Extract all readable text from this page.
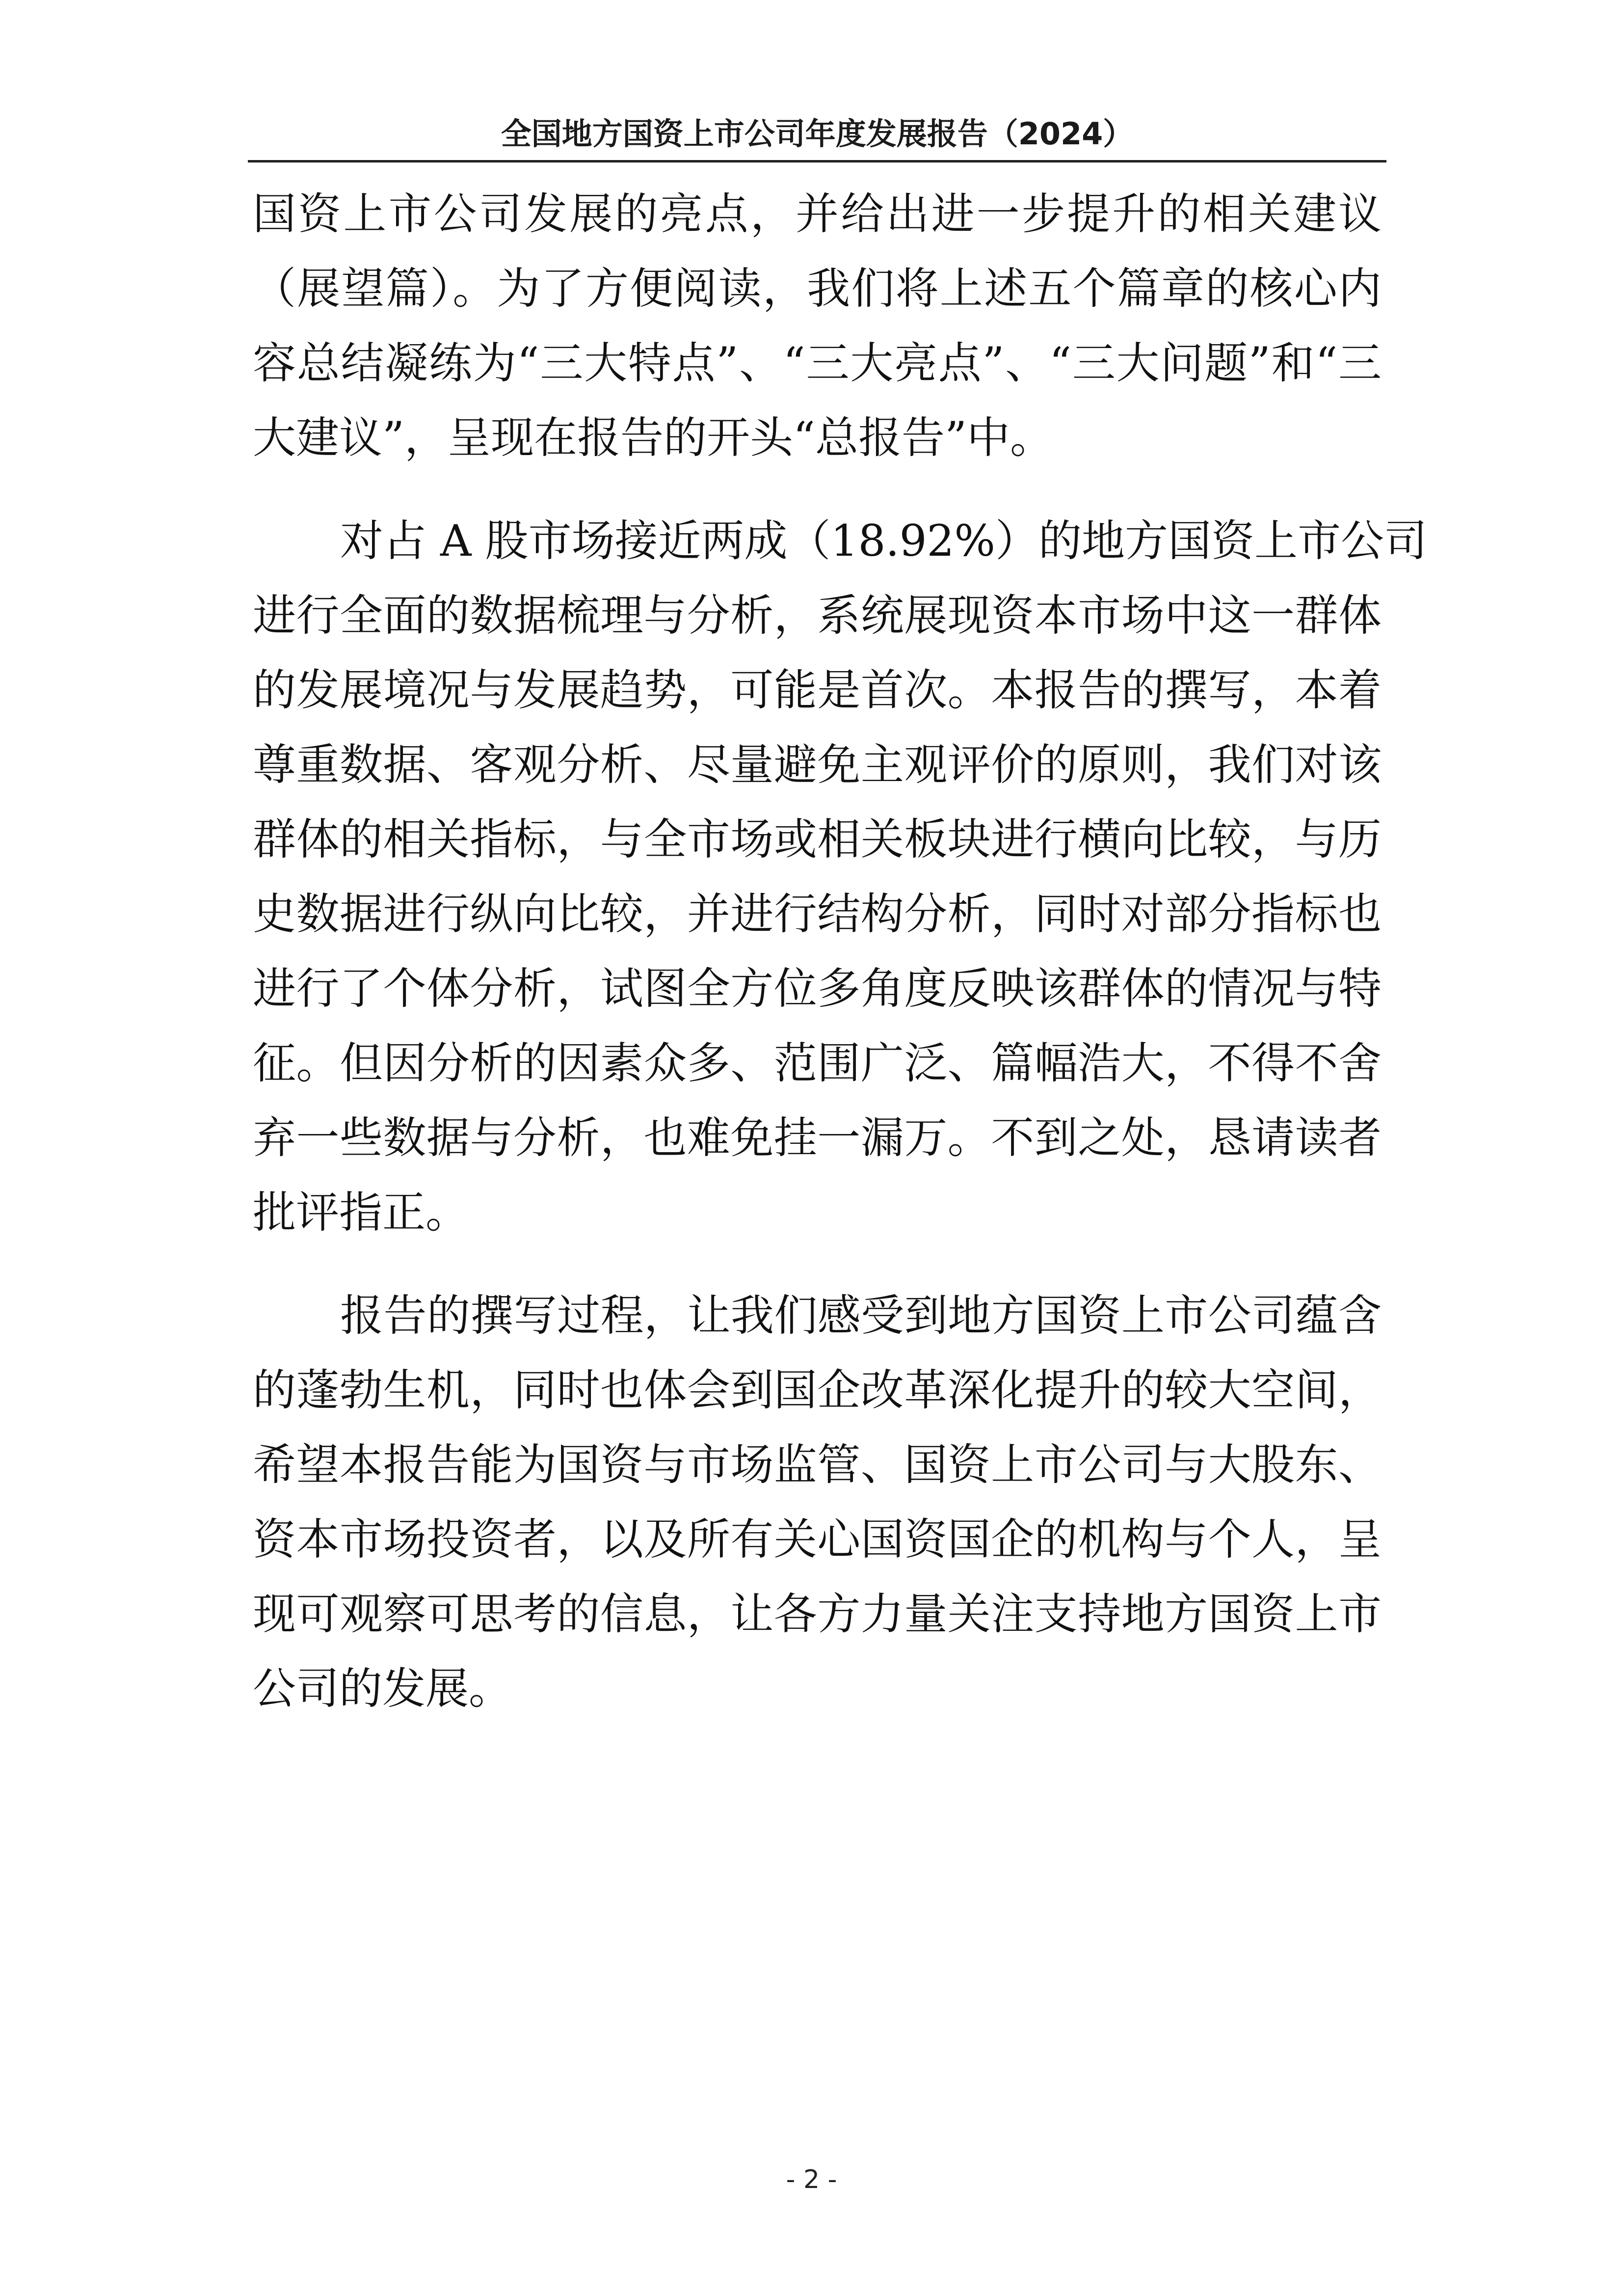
全国地方国资上市公司年度发展报告（2024）
国资上市公司发展的亮点，并给出进一步提升的相关建议
（展望篇）。为了方便阅读，我们将上述五个篇章的核心内
容总结凝练为“三大特点”、“三大亮点”、“三大问题”和“三
大建议”，呈现在报告的开头“总报告”中。
对占 A 股市场接近两成（18.92%）的地方国资上市公司
进行全面的数据梳理与分析，系统展现资本市场中这一群体
的发展境况与发展趋势，可能是首次。本报告的撰写，本着
尊重数据、客观分析、尽量避免主观评价的原则，我们对该
群体的相关指标，与全市场或相关板块进行横向比较，与历
史数据进行纵向比较，并进行结构分析，同时对部分指标也
进行了个体分析，试图全方位多角度反映该群体的情况与特
征。但因分析的因素众多、范围广泛、篇幅浩大，不得不舍
弃一些数据与分析，也难免挂一漏万。不到之处，恳请读者
批评指正。
报告的撰写过程，让我们感受到地方国资上市公司蕴含
的蓬勃生机，同时也体会到国企改革深化提升的较大空间，
希望本报告能为国资与市场监管、国资上市公司与大股东、
资本市场投资者，以及所有关心国资国企的机构与个人，呈
现可观察可思考的信息，让各方力量关注支持地方国资上市
公司的发展。
- 2 -
